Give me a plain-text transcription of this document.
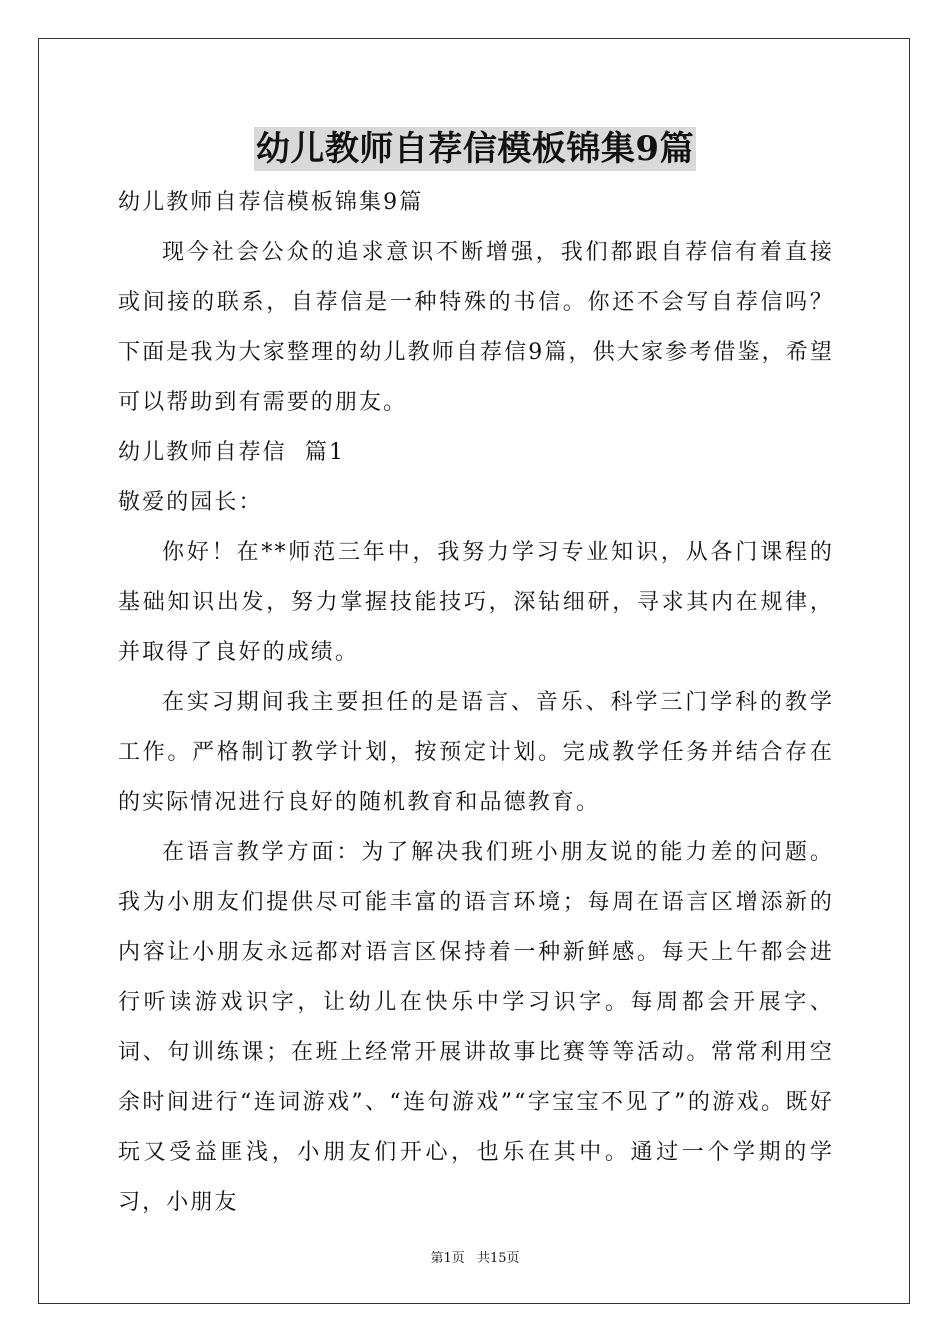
幼儿教师自荐信模板锦集9篇

幼儿教师自荐信模板锦集9篇

现今社会公众的追求意识不断增强，我们都跟自荐信有着直接或间接的联系，自荐信是一种特殊的书信。你还不会写自荐信吗？下面是我为大家整理的幼儿教师自荐信9篇，供大家参考借鉴，希望可以帮助到有需要的朋友。

幼儿教师自荐信  篇1

敬爱的园长：

你好！在**师范三年中，我努力学习专业知识，从各门课程的基础知识出发，努力掌握技能技巧，深钻细研，寻求其内在规律，并取得了良好的成绩。

在实习期间我主要担任的是语言、音乐、科学三门学科的教学工作。严格制订教学计划，按预定计划。完成教学任务并结合存在的实际情况进行良好的随机教育和品德教育。

在语言教学方面：为了解决我们班小朋友说的能力差的问题。我为小朋友们提供尽可能丰富的语言环境；每周在语言区增添新的内容让小朋友永远都对语言区保持着一种新鲜感。每天上午都会进行听读游戏识字，让幼儿在快乐中学习识字。每周都会开展字、词、句训练课；在班上经常开展讲故事比赛等等活动。常常利用空余时间进行“连词游戏”、“连句游戏”“字宝宝不见了”的游戏。既好玩又受益匪浅，小朋友们开心，也乐在其中。通过一个学期的学习，小朋友

第1页 共15页
